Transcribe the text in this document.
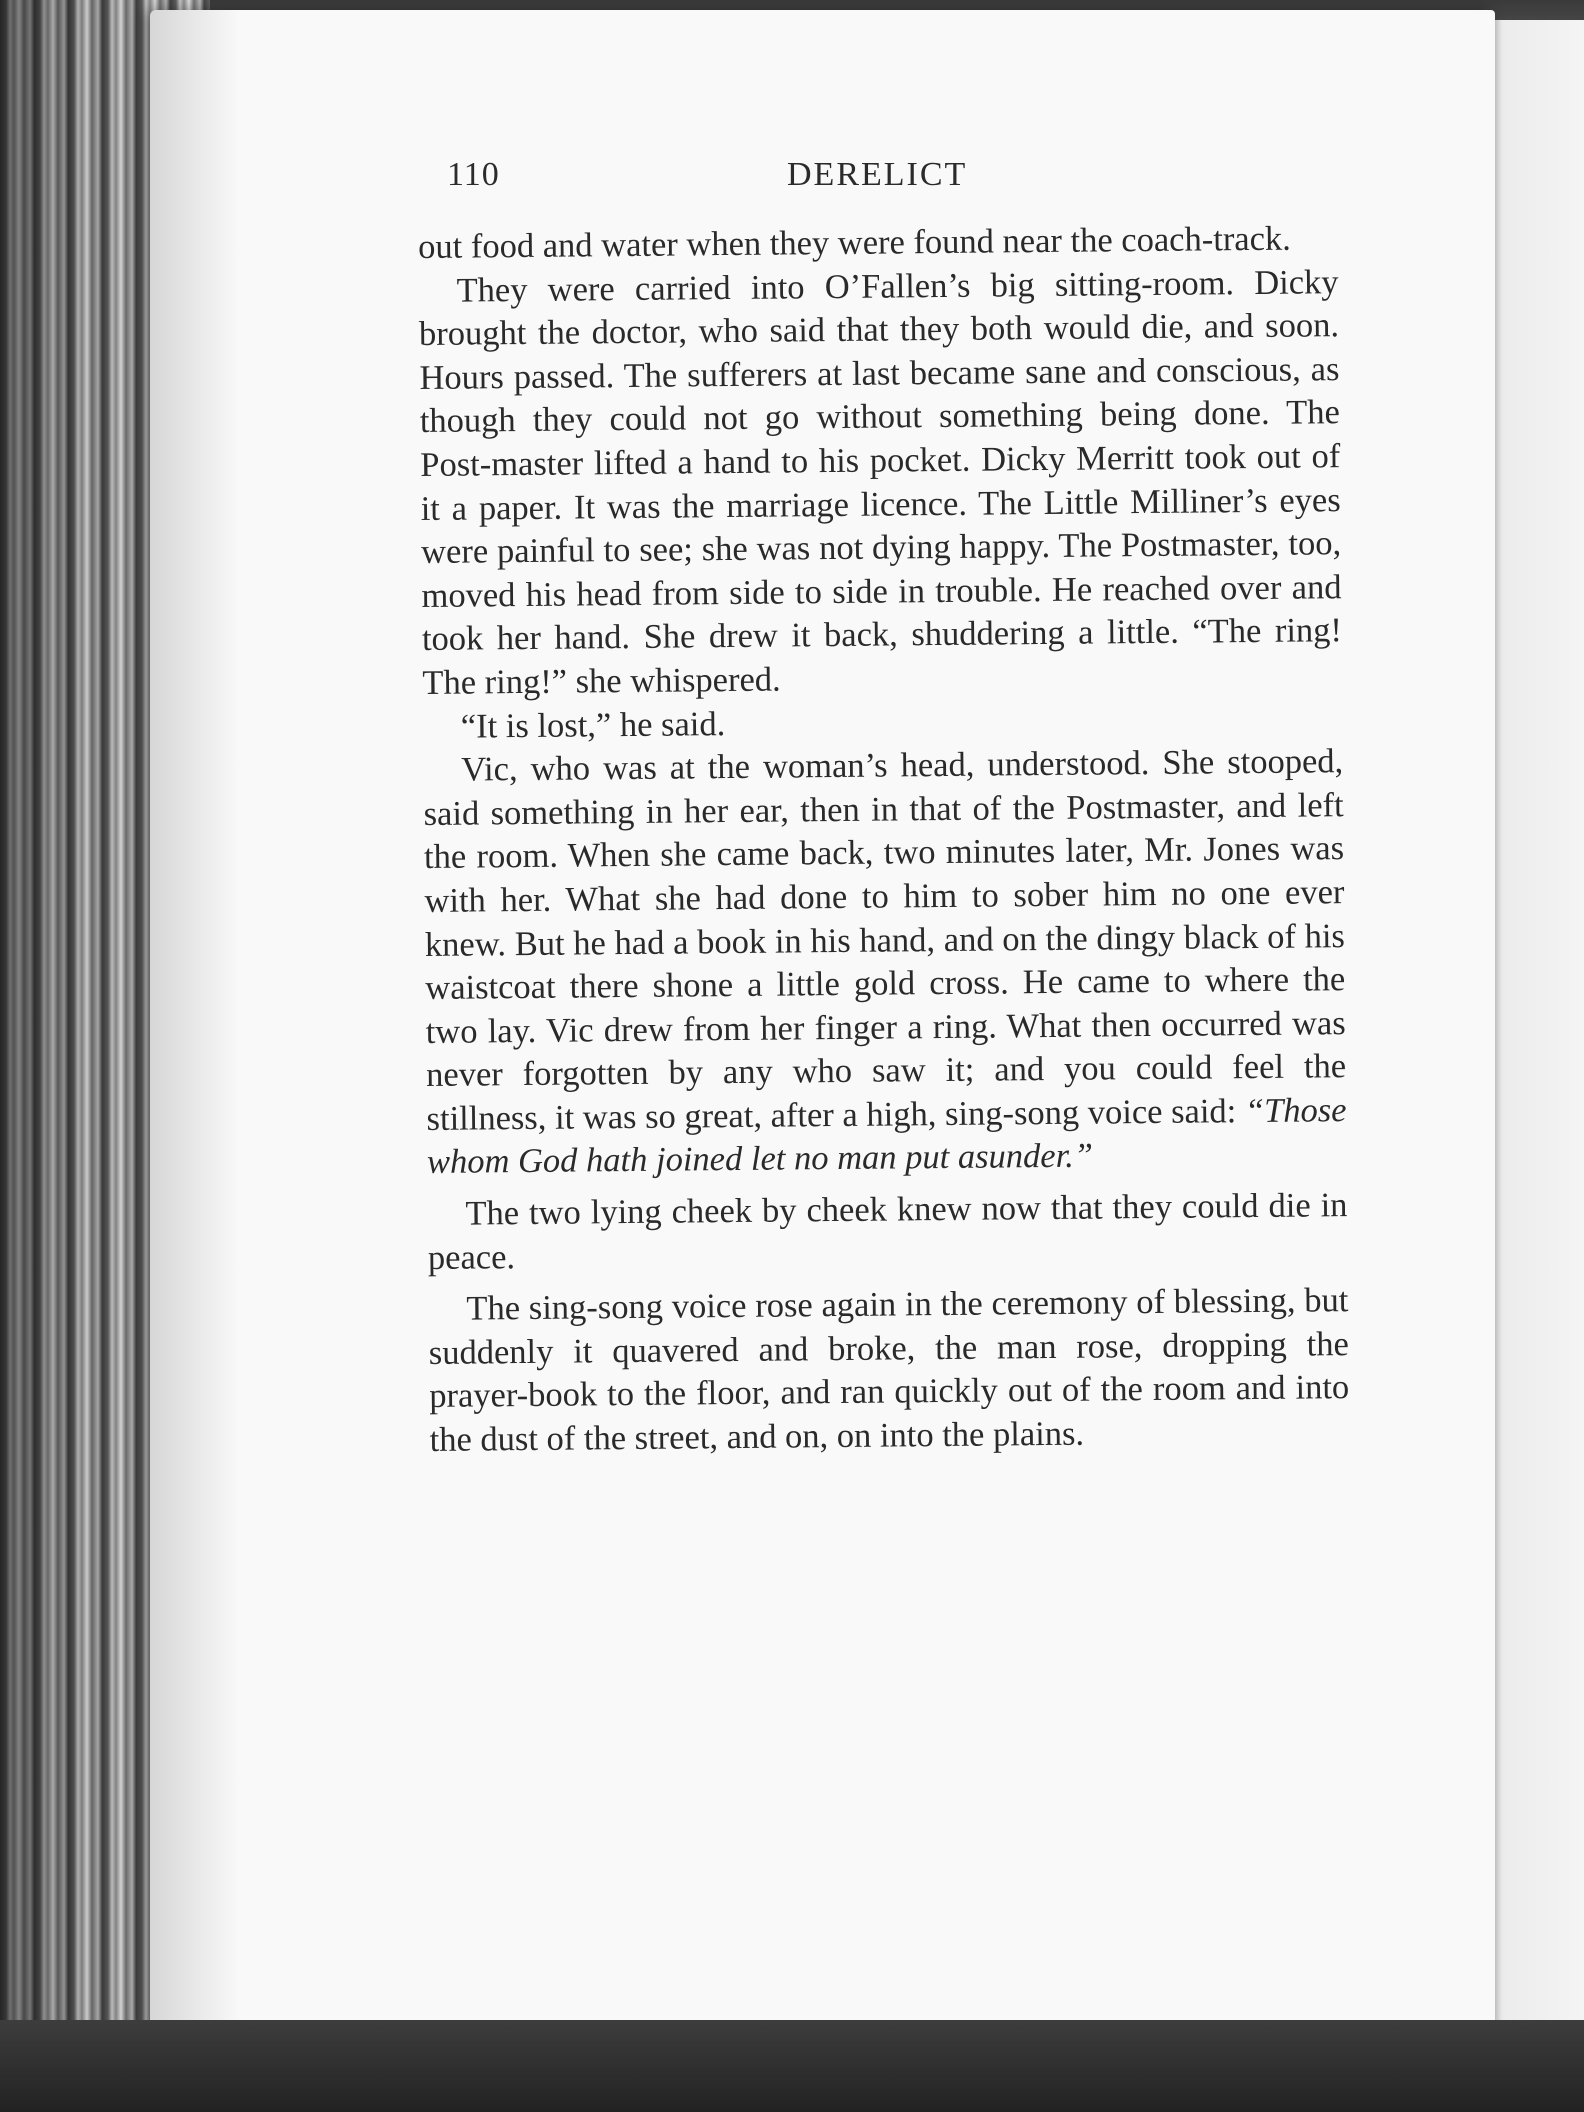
110	DERELICT

out food and water when they were found near the coach-track.

They were carried into O’Fallen’s big sitting-room. Dicky brought the doctor, who said that they both would die, and soon. Hours passed. The sufferers at last became sane and conscious, as though they could not go without something being done. The Post-master lifted a hand to his pocket. Dicky Merritt took out of it a paper. It was the marriage licence. The Little Milliner’s eyes were painful to see; she was not dying happy. The Postmaster, too, moved his head from side to side in trouble. He reached over and took her hand. She drew it back, shuddering a little. “The ring! The ring!” she whispered.

“It is lost,” he said.

Vic, who was at the woman’s head, understood. She stooped, said something in her ear, then in that of the Postmaster, and left the room. When she came back, two minutes later, Mr. Jones was with her. What she had done to him to sober him no one ever knew. But he had a book in his hand, and on the dingy black of his waistcoat there shone a little gold cross. He came to where the two lay. Vic drew from her finger a ring. What then occurred was never forgotten by any who saw it; and you could feel the stillness, it was so great, after a high, sing-song voice said: “Those whom God hath joined let no man put asunder.”

The two lying cheek by cheek knew now that they could die in peace.

The sing-song voice rose again in the ceremony of blessing, but suddenly it quavered and broke, the man rose, dropping the prayer-book to the floor, and ran quickly out of the room and into the dust of the street, and on, on into the plains.
